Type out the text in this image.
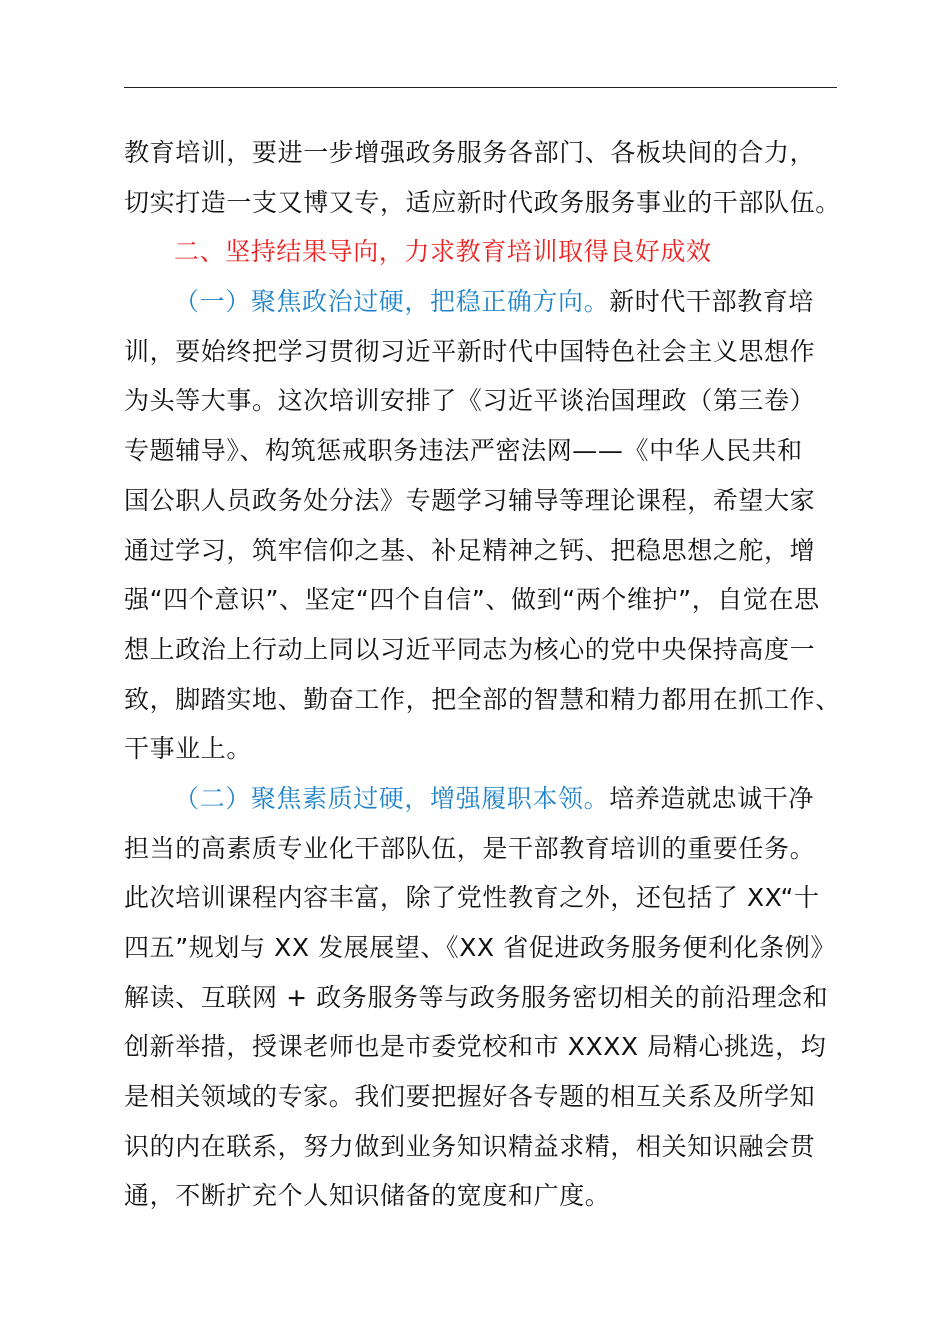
教育培训，要进一步增强政务服务各部门、各板块间的合力，
切实打造一支又博又专，适应新时代政务服务事业的干部队伍。
二、坚持结果导向，力求教育培训取得良好成效
（一）聚焦政治过硬，把稳正确方向。新时代干部教育培
训，要始终把学习贯彻习近平新时代中国特色社会主义思想作
为头等大事。这次培训安排了《习近平谈治国理政（第三卷）
专题辅导》、构筑惩戒职务违法严密法网——《中华人民共和
国公职人员政务处分法》专题学习辅导等理论课程，希望大家
通过学习，筑牢信仰之基、补足精神之钙、把稳思想之舵，增
强“四个意识”、坚定“四个自信”、做到“两个维护”，自觉在思
想上政治上行动上同以习近平同志为核心的党中央保持高度一
致，脚踏实地、勤奋工作，把全部的智慧和精力都用在抓工作、
干事业上。
（二）聚焦素质过硬，增强履职本领。培养造就忠诚干净
担当的高素质专业化干部队伍，是干部教育培训的重要任务。
此次培训课程内容丰富，除了党性教育之外，还包括了 XX“十
四五”规划与 XX 发展展望、《XX 省促进政务服务便利化条例》
解读、互联网 + 政务服务等与政务服务密切相关的前沿理念和
创新举措，授课老师也是市委党校和市 XXXX 局精心挑选，均
是相关领域的专家。我们要把握好各专题的相互关系及所学知
识的内在联系，努力做到业务知识精益求精，相关知识融会贯
通，不断扩充个人知识储备的宽度和广度。
